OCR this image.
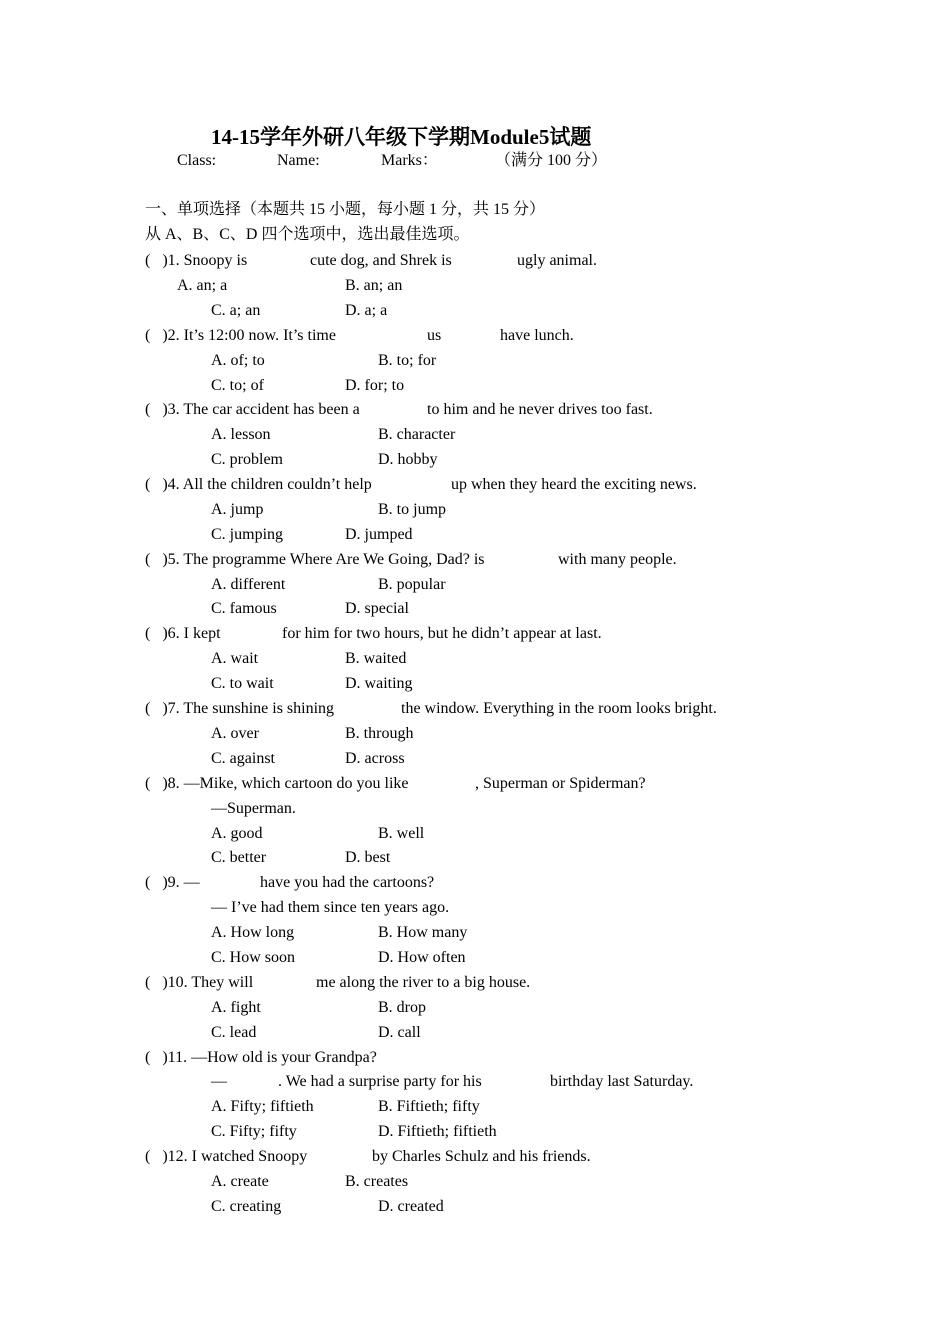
14-15学年外研八年级下学期Module5试题
Class:	Name:	Marks：	（满分 100 分）
一、单项选择（本题共 15 小题，每小题 1 分，共 15 分）
从 A、B、C、D 四个选项中，选出最佳选项。
(   )1. Snoopy is	cute dog, and Shrek is	ugly animal.
A. an; a	B. an; an
C. a; an	D. a; a
(   )2. It’s 12:00 now. It’s time	us	have lunch.
A. of; to	B. to; for
C. to; of	D. for; to
(   )3. The car accident has been a	to him and he never drives too fast.
A. lesson	B. character
C. problem	D. hobby
(   )4. All the children couldn’t help	up when they heard the exciting news.
A. jump	B. to jump
C. jumping	D. jumped
(   )5. The programme Where Are We Going, Dad? is	with many people.
A. different	B. popular
C. famous	D. special
(   )6. I kept	for him for two hours, but he didn’t appear at last.
A. wait	B. waited
C. to wait	D. waiting
(   )7. The sunshine is shining	the window. Everything in the room looks bright.
A. over	B. through
C. against	D. across
(   )8. —Mike, which cartoon do you like	, Superman or Spiderman?
—Superman.
A. good	B. well
C. better	D. best
(   )9. —	have you had the cartoons?
— I’ve had them since ten years ago.
A. How long	B. How many
C. How soon	D. How often
(   )10. They will	me along the river to a big house.
A. fight	B. drop
C. lead	D. call
(   )11. —How old is your Grandpa?
—	. We had a surprise party for his	birthday last Saturday.
A. Fifty; fiftieth	B. Fiftieth; fifty
C. Fifty; fifty	D. Fiftieth; fiftieth
(   )12. I watched Snoopy	by Charles Schulz and his friends.
A. create	B. creates
C. creating	D. created
